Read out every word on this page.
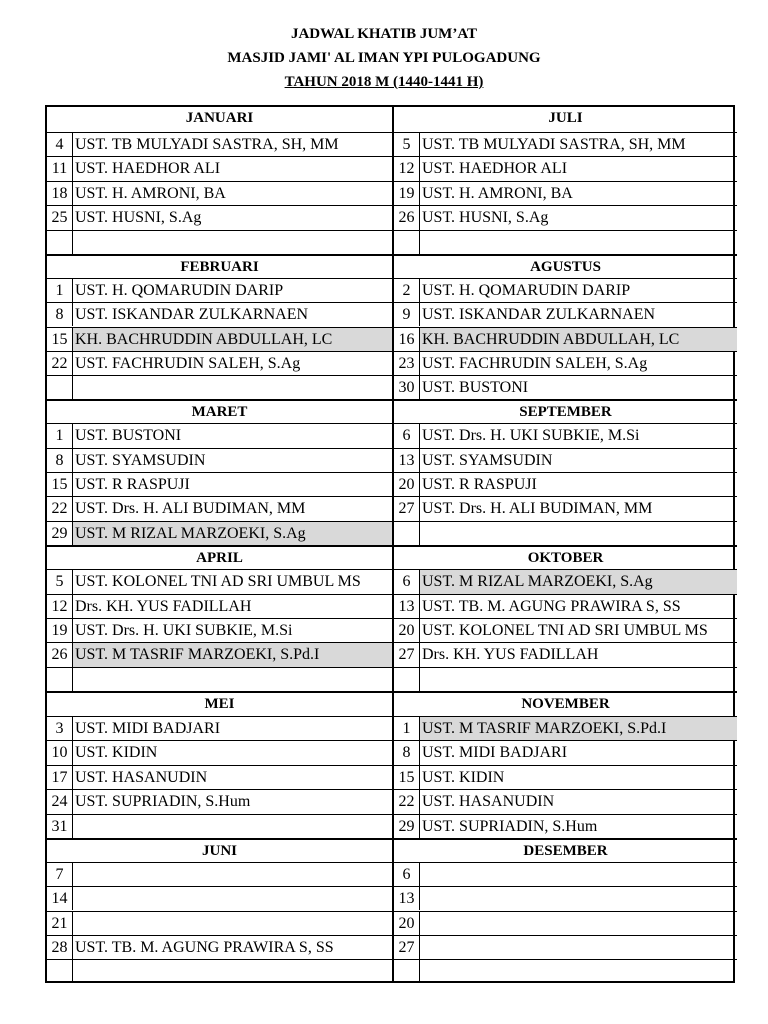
JADWAL KHATIB JUM’AT
MASJID JAMI' AL IMAN YPI PULOGADUNG
TAHUN 2018 M (1440-1441 H)
JANUARI
4 UST. TB MULYADI SASTRA, SH, MM
11 UST. HAEDHOR ALI
18 UST. H. AMRONI, BA
25 UST. HUSNI, S.Ag
FEBRUARI
1 UST. H. QOMARUDIN DARIP
8 UST. ISKANDAR ZULKARNAEN
15 KH. BACHRUDDIN ABDULLAH, LC
22 UST. FACHRUDIN SALEH, S.Ag
MARET
1 UST. BUSTONI
8 UST. SYAMSUDIN
15 UST. R RASPUJI
22 UST. Drs. H. ALI BUDIMAN, MM
29 UST. M RIZAL MARZOEKI, S.Ag
APRIL
5 UST. KOLONEL TNI AD SRI UMBUL MS
12 Drs. KH. YUS FADILLAH
19 UST. Drs. H. UKI SUBKIE, M.Si
26 UST. M TASRIF MARZOEKI, S.Pd.I
MEI
3 UST. MIDI BADJARI
10 UST. KIDIN
17 UST. HASANUDIN
24 UST. SUPRIADIN, S.Hum
31
JUNI
7
14
21
28 UST. TB. M. AGUNG PRAWIRA S, SS
JULI
5 UST. TB MULYADI SASTRA, SH, MM
12 UST. HAEDHOR ALI
19 UST. H. AMRONI, BA
26 UST. HUSNI, S.Ag
AGUSTUS
2 UST. H. QOMARUDIN DARIP
9 UST. ISKANDAR ZULKARNAEN
16 KH. BACHRUDDIN ABDULLAH, LC
23 UST. FACHRUDIN SALEH, S.Ag
30 UST. BUSTONI
SEPTEMBER
6 UST. Drs. H. UKI SUBKIE, M.Si
13 UST. SYAMSUDIN
20 UST. R RASPUJI
27 UST. Drs. H. ALI BUDIMAN, MM
OKTOBER
6 UST. M RIZAL MARZOEKI, S.Ag
13 UST. TB. M. AGUNG PRAWIRA S, SS
20 UST. KOLONEL TNI AD SRI UMBUL MS
27 Drs. KH. YUS FADILLAH
NOVEMBER
1 UST. M TASRIF MARZOEKI, S.Pd.I
8 UST. MIDI BADJARI
15 UST. KIDIN
22 UST. HASANUDIN
29 UST. SUPRIADIN, S.Hum
DESEMBER
6
13
20
27
